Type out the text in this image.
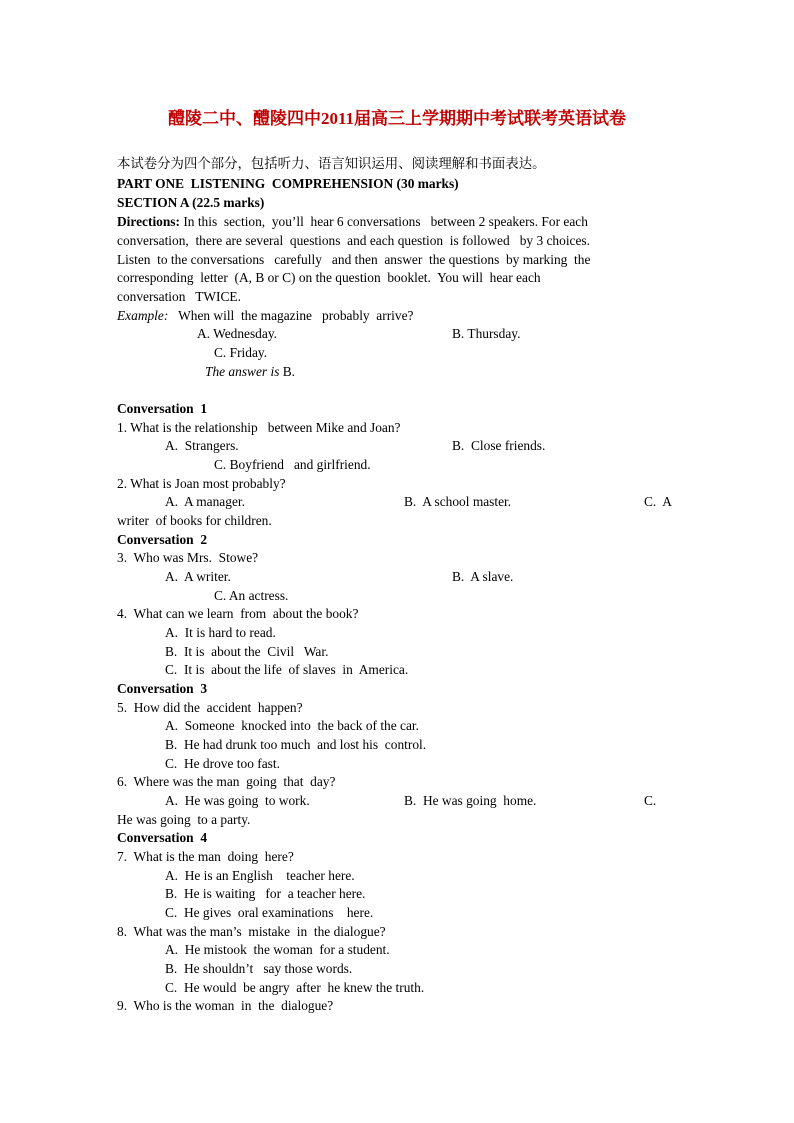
醴陵二中、醴陵四中2011届高三上学期期中考试联考英语试卷
本试卷分为四个部分，包括听力、语言知识运用、阅读理解和书面表达。
PART ONE  LISTENING  COMPREHENSION (30 marks)
SECTION A (22.5 marks)
Directions: In this  section,  you’ll  hear 6 conversations   between 2 speakers. For each
conversation,  there are several  questions  and each question  is followed   by 3 choices.
Listen  to the conversations   carefully   and then  answer  the questions  by marking  the
corresponding  letter  (A, B or C) on the question  booklet.  You will  hear each
conversation   TWICE.
Example:   When will  the magazine   probably  arrive?
A. Wednesday.	B. Thursday.
C. Friday.
The answer is B.
Conversation  1
1. What is the relationship   between Mike and Joan?
A.  Strangers.	B.  Close friends.
C. Boyfriend   and girlfriend.
2. What is Joan most probably?
A.  A manager.	B.  A school master.	C.  A
writer  of books for children.
Conversation  2
3.  Who was Mrs.  Stowe?
A.  A writer.	B.  A slave.
C. An actress.
4.  What can we learn  from  about the book?
A.  It is hard to read.
B.  It is  about the  Civil   War.
C.  It is  about the life  of slaves  in  America.
Conversation  3
5.  How did the  accident  happen?
A.  Someone  knocked into  the back of the car.
B.  He had drunk too much  and lost his  control.
C.  He drove too fast.
6.  Where was the man  going  that  day?
A.  He was going  to work.	B.  He was going  home.	C.
He was going  to a party.
Conversation  4
7.  What is the man  doing  here?
A.  He is an English    teacher here.
B.  He is waiting   for  a teacher here.
C.  He gives  oral examinations    here.
8.  What was the man’s  mistake  in  the dialogue?
A.  He mistook  the woman  for a student.
B.  He shouldn’t   say those words.
C.  He would  be angry  after  he knew the truth.
9.  Who is the woman  in  the  dialogue?
